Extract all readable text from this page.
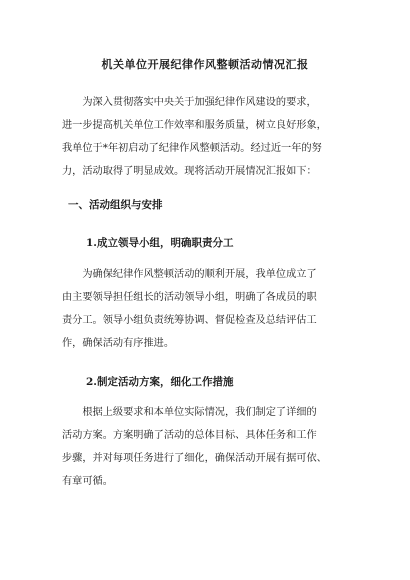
机关单位开展纪律作风整顿活动情况汇报

　　为深入贯彻落实中央关于加强纪律作风建设的要求，
进一步提高机关单位工作效率和服务质量，树立良好形象，
我单位于*年初启动了纪律作风整顿活动。经过近一年的努
力，活动取得了明显成效。现将活动开展情况汇报如下：

一、活动组织与安排
1.成立领导小组，明确职责分工

　　为确保纪律作风整顿活动的顺利开展，我单位成立了
由主要领导担任组长的活动领导小组，明确了各成员的职
责分工。领导小组负责统筹协调、督促检查及总结评估工
作，确保活动有序推进。

2.制定活动方案，细化工作措施

　　根据上级要求和本单位实际情况，我们制定了详细的
活动方案。方案明确了活动的总体目标、具体任务和工作
步骤，并对每项任务进行了细化，确保活动开展有据可依、
有章可循。
